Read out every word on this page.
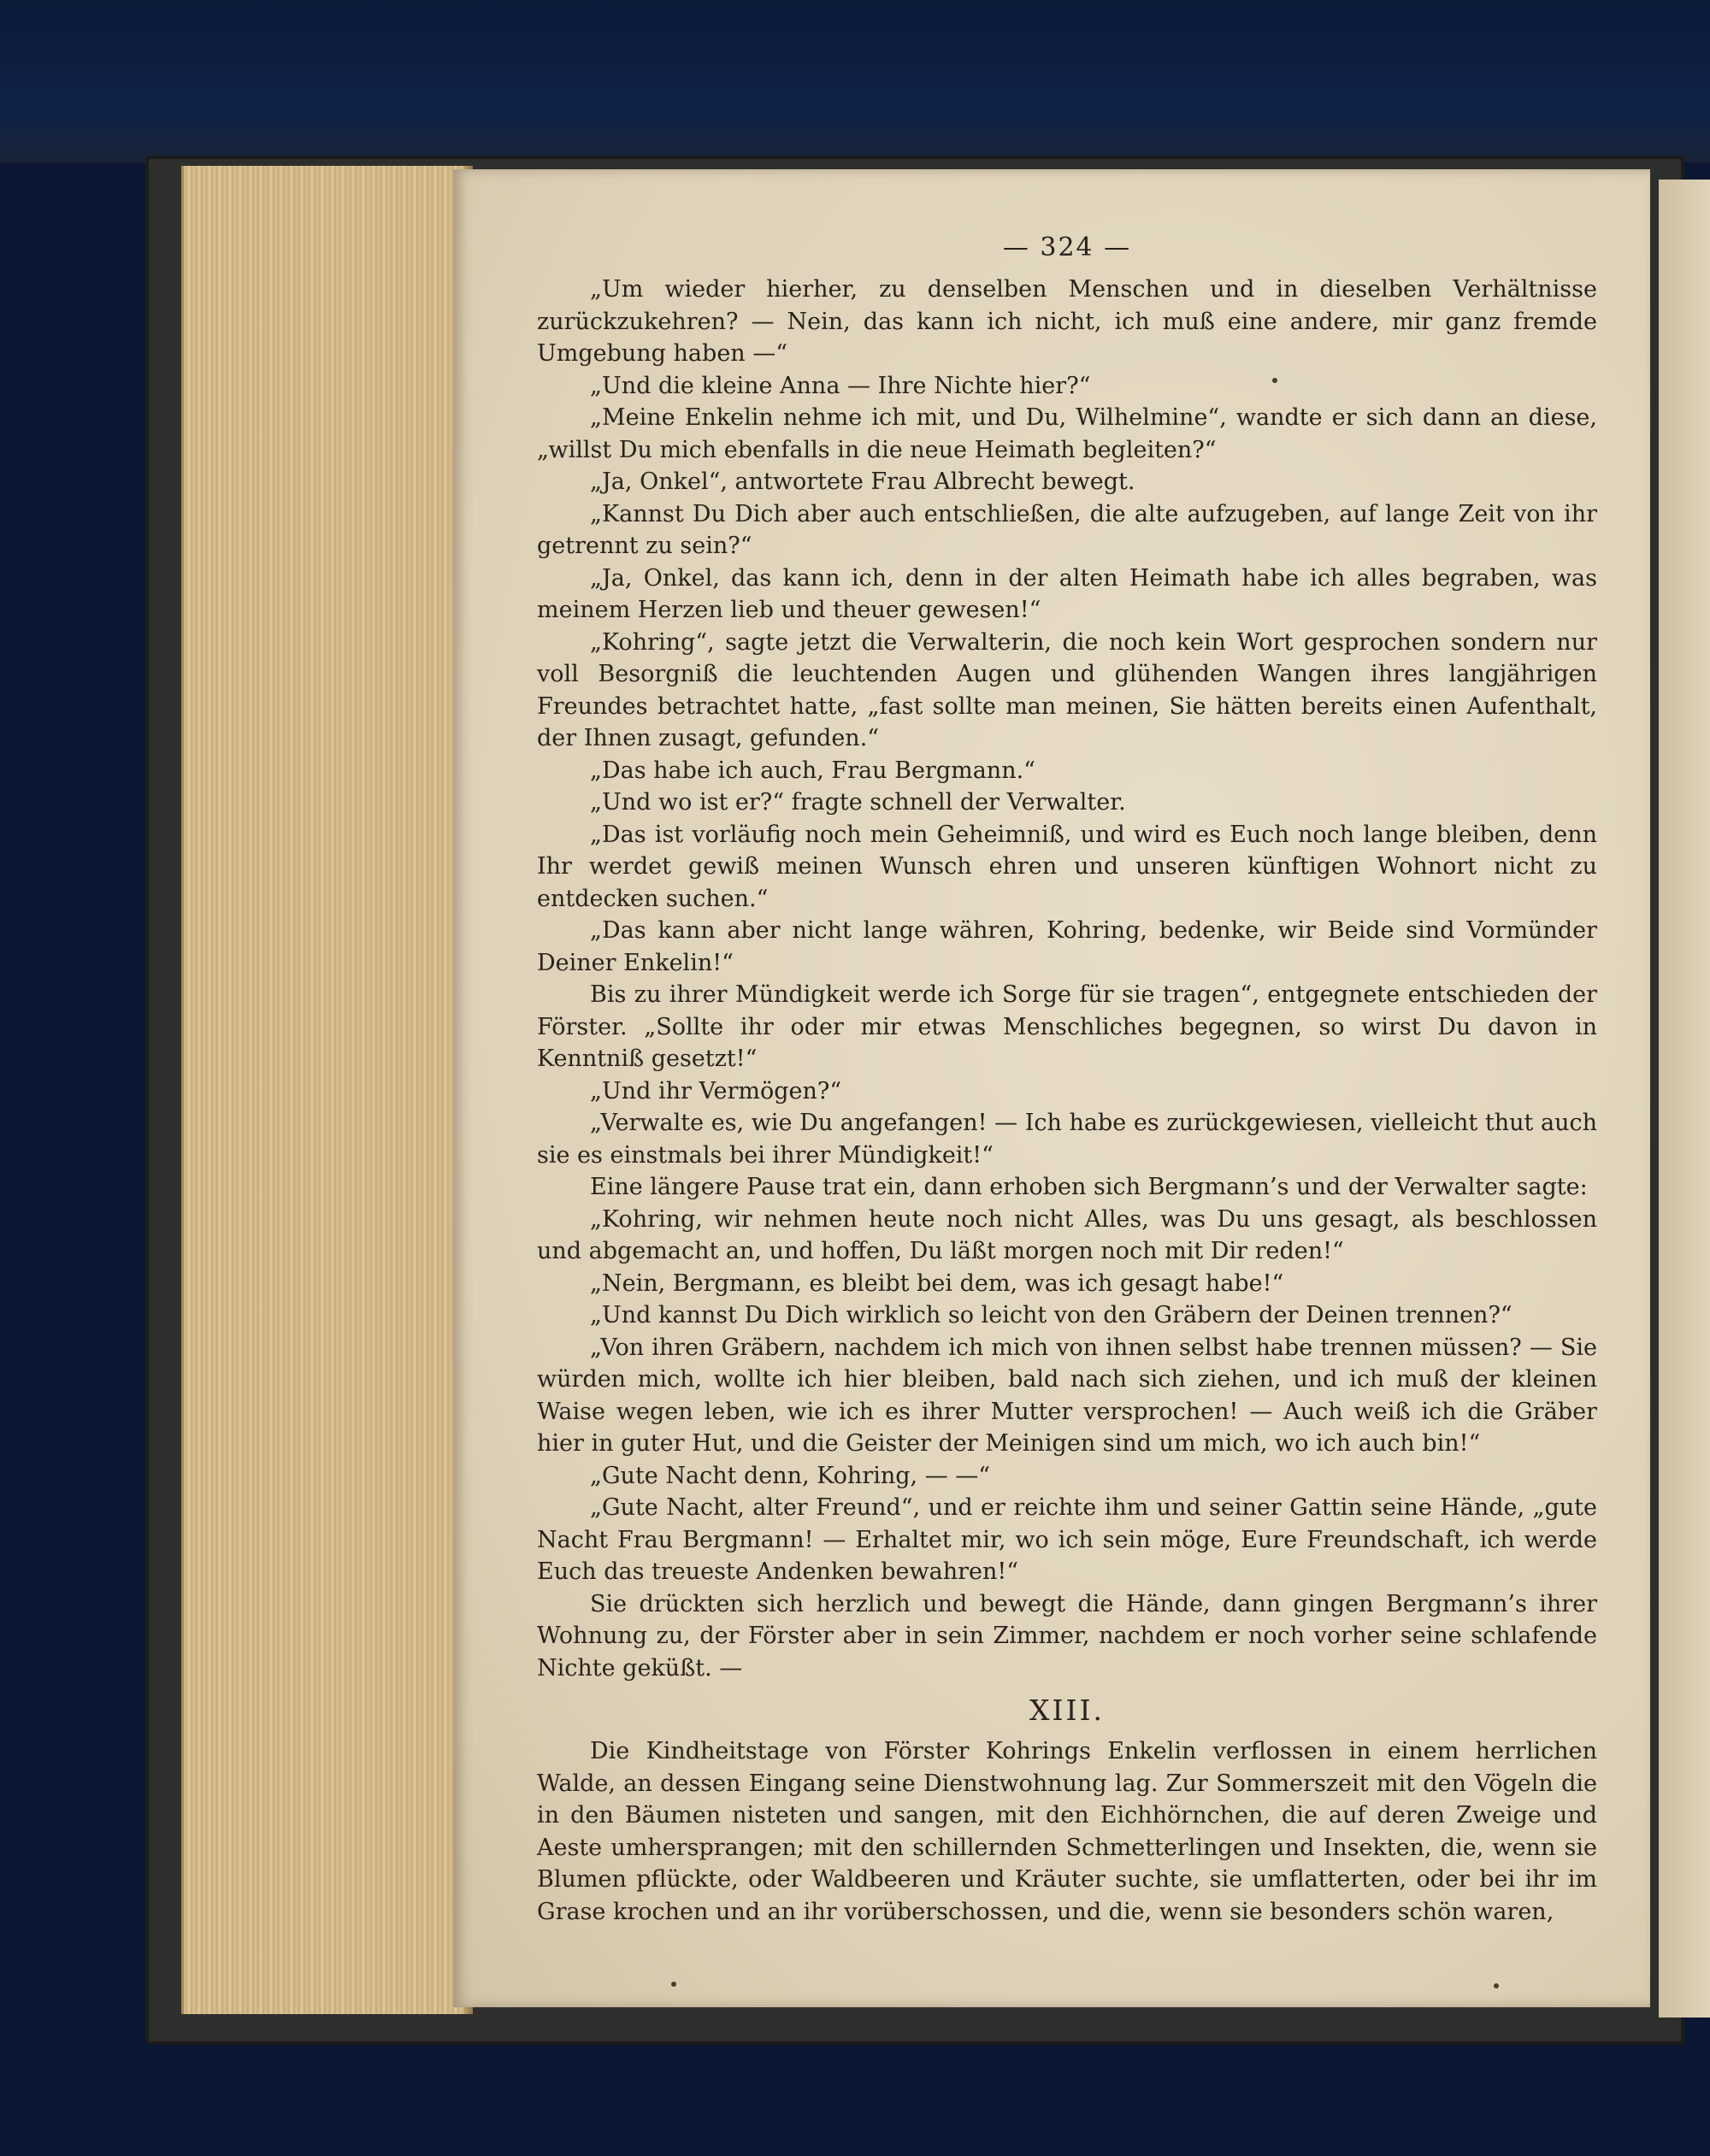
— 324 —

„Um wieder hierher, zu denselben Menschen und in dieselben Verhältnisse zurückzukehren? — Nein, das kann ich nicht, ich muß eine andere, mir ganz fremde Umgebung haben —“

„Und die kleine Anna — Ihre Nichte hier?“

„Meine Enkelin nehme ich mit, und Du, Wilhelmine“, wandte er sich dann an diese, „willst Du mich ebenfalls in die neue Heimath begleiten?“

„Ja, Onkel“, antwortete Frau Albrecht bewegt.

„Kannst Du Dich aber auch entschließen, die alte aufzugeben, auf lange Zeit von ihr getrennt zu sein?“

„Ja, Onkel, das kann ich, denn in der alten Heimath habe ich alles begraben, was meinem Herzen lieb und theuer gewesen!“

„Kohring“, sagte jetzt die Verwalterin, die noch kein Wort gesprochen sondern nur voll Besorgniß die leuchtenden Augen und glühenden Wangen ihres langjährigen Freundes betrachtet hatte, „fast sollte man meinen, Sie hätten bereits einen Aufenthalt, der Ihnen zusagt, gefunden.“

„Das habe ich auch, Frau Bergmann.“

„Und wo ist er?“ fragte schnell der Verwalter.

„Das ist vorläufig noch mein Geheimniß, und wird es Euch noch lange bleiben, denn Ihr werdet gewiß meinen Wunsch ehren und unseren künftigen Wohnort nicht zu entdecken suchen.“

„Das kann aber nicht lange währen, Kohring, bedenke, wir Beide sind Vormünder Deiner Enkelin!“

Bis zu ihrer Mündigkeit werde ich Sorge für sie tragen“, entgegnete entschieden der Förster. „Sollte ihr oder mir etwas Menschliches begegnen, so wirst Du davon in Kenntniß gesetzt!“

„Und ihr Vermögen?“

„Verwalte es, wie Du angefangen! — Ich habe es zurückgewiesen, vielleicht thut auch sie es einstmals bei ihrer Mündigkeit!“

Eine längere Pause trat ein, dann erhoben sich Bergmann’s und der Verwalter sagte:

„Kohring, wir nehmen heute noch nicht Alles, was Du uns gesagt, als beschlossen und abgemacht an, und hoffen, Du läßt morgen noch mit Dir reden!“

„Nein, Bergmann, es bleibt bei dem, was ich gesagt habe!“

„Und kannst Du Dich wirklich so leicht von den Gräbern der Deinen trennen?“

„Von ihren Gräbern, nachdem ich mich von ihnen selbst habe trennen müssen? — Sie würden mich, wollte ich hier bleiben, bald nach sich ziehen, und ich muß der kleinen Waise wegen leben, wie ich es ihrer Mutter versprochen! — Auch weiß ich die Gräber hier in guter Hut, und die Geister der Meinigen sind um mich, wo ich auch bin!“

„Gute Nacht denn, Kohring, — —“

„Gute Nacht, alter Freund“, und er reichte ihm und seiner Gattin seine Hände, „gute Nacht Frau Bergmann! — Erhaltet mir, wo ich sein möge, Eure Freundschaft, ich werde Euch das treueste Andenken bewahren!“

Sie drückten sich herzlich und bewegt die Hände, dann gingen Bergmann’s ihrer Wohnung zu, der Förster aber in sein Zimmer, nachdem er noch vorher seine schlafende Nichte geküßt. —

XIII.

Die Kindheitstage von Förster Kohrings Enkelin verflossen in einem herrlichen Walde, an dessen Eingang seine Dienstwohnung lag. Zur Sommerszeit mit den Vögeln die in den Bäumen nisteten und sangen, mit den Eichhörnchen, die auf deren Zweige und Aeste umhersprangen; mit den schillernden Schmetterlingen und Insekten, die, wenn sie Blumen pflückte, oder Waldbeeren und Kräuter suchte, sie umflatterten, oder bei ihr im Grase krochen und an ihr vorüberschossen, und die, wenn sie besonders schön waren,
